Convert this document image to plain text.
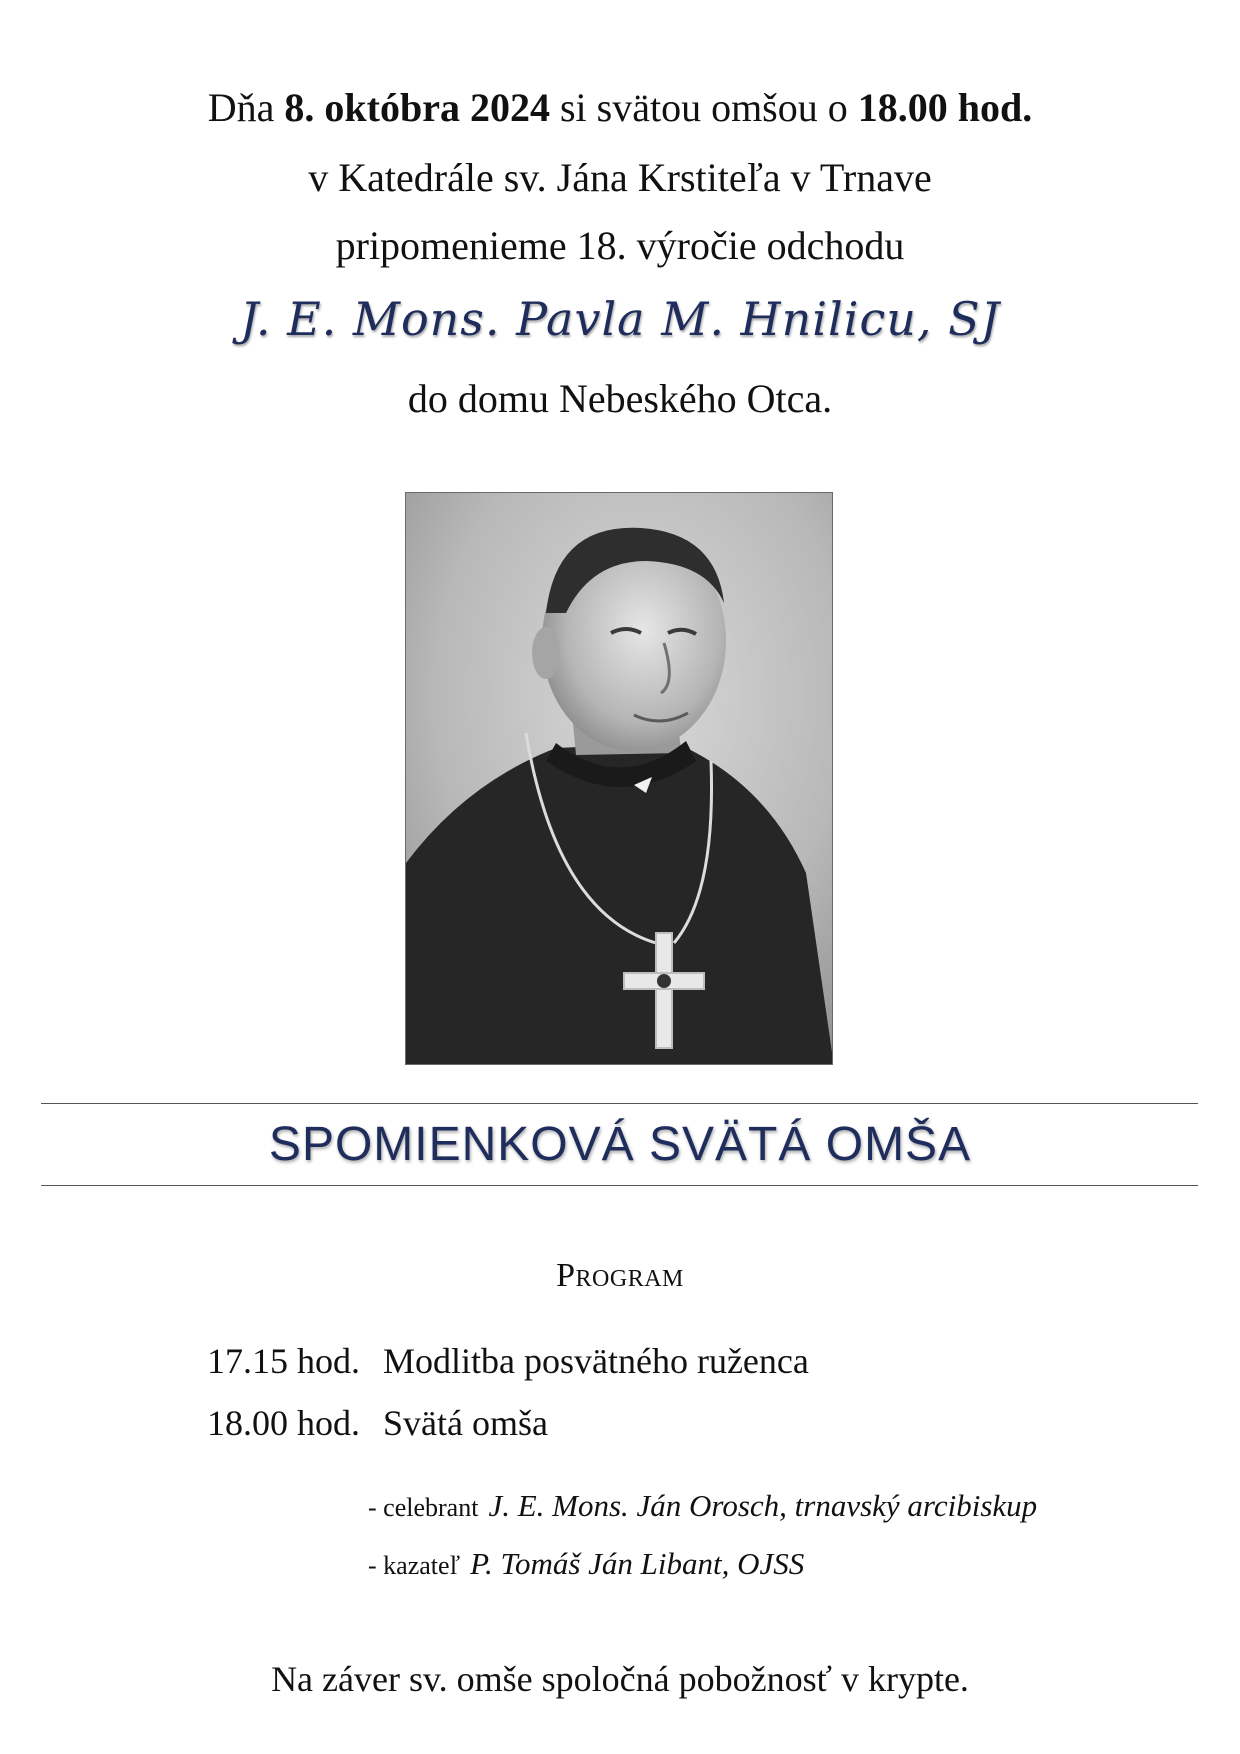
Dňa 8. októbra 2024 si svätou omšou o 18.00 hod.
v Katedrále sv. Jána Krstiteľa v Trnave
pripomenieme 18. výročie odchodu
J. E. Mons. Pavla M. Hnilicu, SJ
do domu Nebeského Otca.
SPOMIENKOVÁ SVÄTÁ OMŠA
Program
17.15 hod. Modlitba posvätného ruženca
18.00 hod. Svätá omša
- celebrant J. E. Mons. Ján Orosch, trnavský arcibiskup
- kazateľ P. Tomáš Ján Libant, OJSS
Na záver sv. omše spoločná pobožnosť v krypte.
